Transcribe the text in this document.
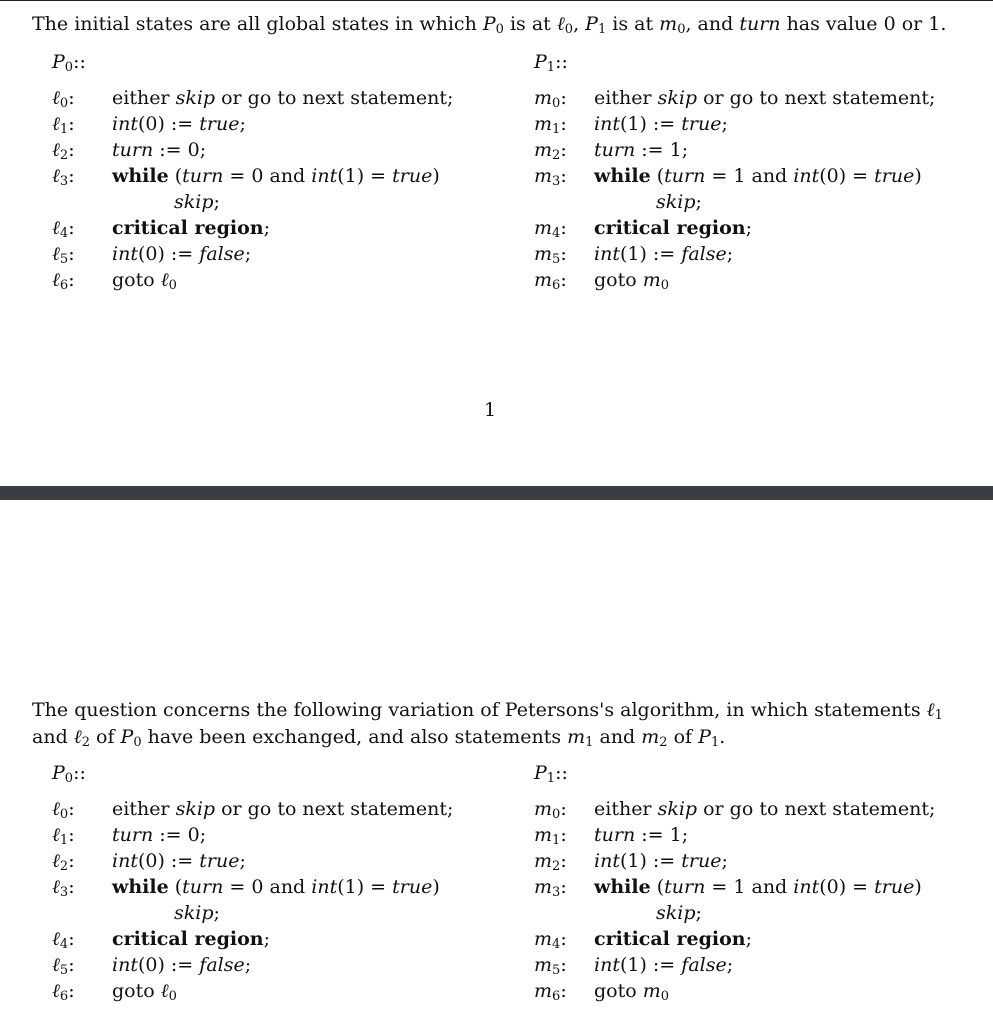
The initial states are all global states in which $P_0$ is at ℓ$_0$, $P_1$ is at $m_0$, and turn has value 0 or 1.

$P_0$::
ℓ$_0$: either skip or go to next statement;
ℓ$_1$: int(0) := true;
ℓ$_2$: turn := 0;
ℓ$_3$: while (turn = 0 and int(1) = true)
skip;
ℓ$_4$: critical region;
ℓ$_5$: int(0) := false;
ℓ$_6$: goto ℓ$_0$
$P_1$::
$m_0$: either skip or go to next statement;
$m_1$: int(1) := true;
$m_2$: turn := 1;
$m_3$: while (turn = 1 and int(0) = true)
skip;
$m_4$: critical region;
$m_5$: int(1) := false;
$m_6$: goto $m_0$
1

The question concerns the following variation of Petersons's algorithm, in which statements ℓ$_1$ and ℓ$_2$ of $P_0$ have been exchanged, and also statements $m_1$ and $m_2$ of $P_1$.

$P_0$::
ℓ$_0$: either skip or go to next statement;
ℓ$_1$: turn := 0;
ℓ$_2$: int(0) := true;
ℓ$_3$: while (turn = 0 and int(1) = true)
skip;
ℓ$_4$: critical region;
ℓ$_5$: int(0) := false;
ℓ$_6$: goto ℓ$_0$
$P_1$::
$m_0$: either skip or go to next statement;
$m_1$: turn := 1;
$m_2$: int(1) := true;
$m_3$: while (turn = 1 and int(0) = true)
skip;
$m_4$: critical region;
$m_5$: int(1) := false;
$m_6$: goto $m_0$
